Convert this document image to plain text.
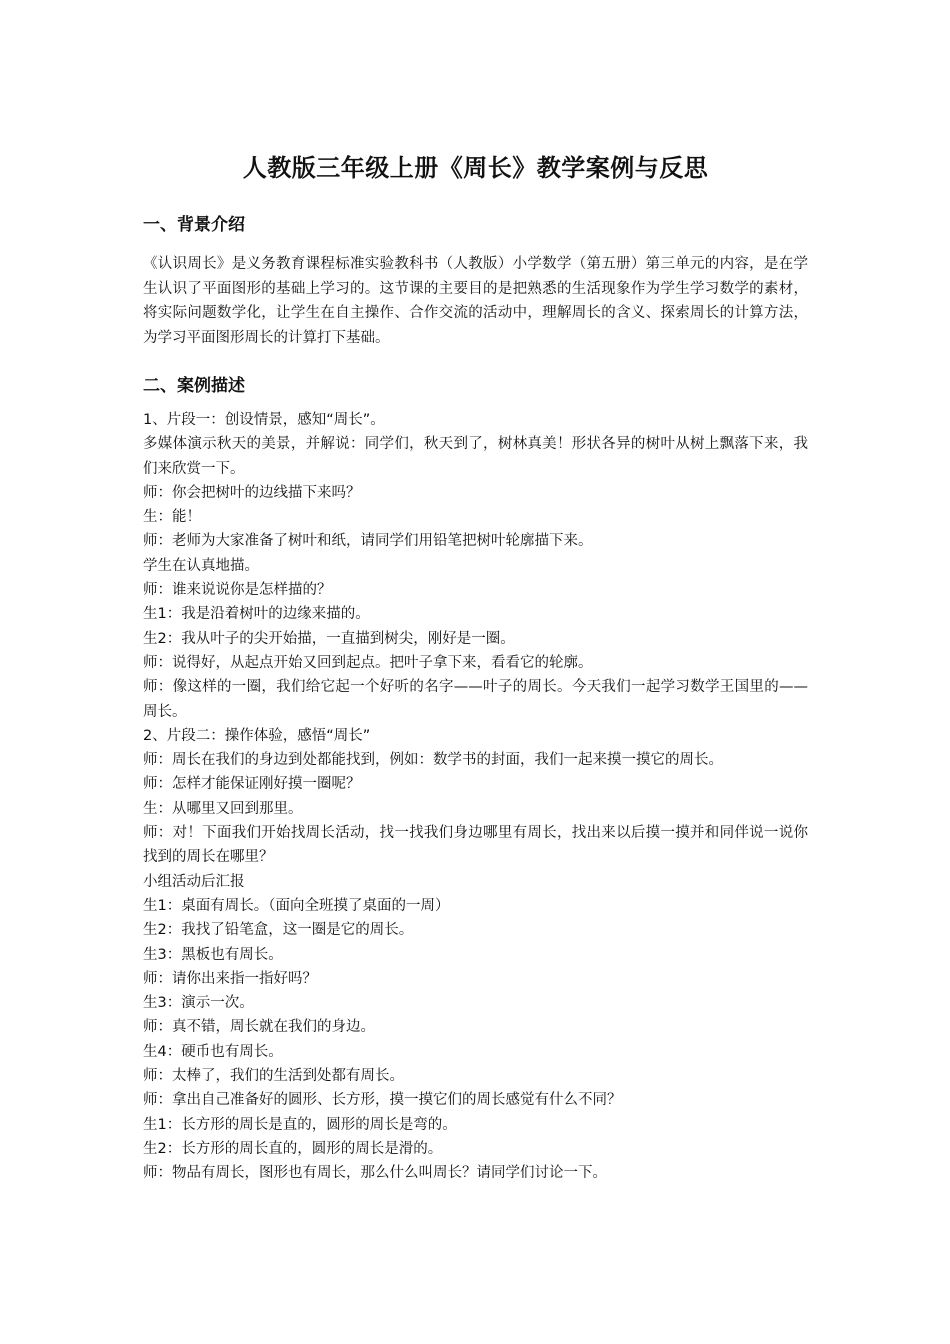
人教版三年级上册《周长》教学案例与反思
一、背景介绍

《认识周长》是义务教育课程标准实验教科书（人教版）小学数学（第五册）第三单元的内容，是在学生认识了平面图形的基础上学习的。这节课的主要目的是把熟悉的生活现象作为学生学习数学的素材，将实际问题数学化，让学生在自主操作、合作交流的活动中，理解周长的含义、探索周长的计算方法，为学习平面图形周长的计算打下基础。

二、案例描述

1、片段一：创设情景，感知“周长”。

多媒体演示秋天的美景，并解说：同学们，秋天到了，树林真美！形状各异的树叶从树上飘落下来，我们来欣赏一下。

师：你会把树叶的边线描下来吗？

生：能！

师：老师为大家准备了树叶和纸，请同学们用铅笔把树叶轮廓描下来。

学生在认真地描。

师：谁来说说你是怎样描的？

生1：我是沿着树叶的边缘来描的。

生2：我从叶子的尖开始描，一直描到树尖，刚好是一圈。

师：说得好，从起点开始又回到起点。把叶子拿下来，看看它的轮廓。

师：像这样的一圈，我们给它起一个好听的名字——叶子的周长。今天我们一起学习数学王国里的——周长。

2、片段二：操作体验，感悟“周长”

师：周长在我们的身边到处都能找到，例如：数学书的封面，我们一起来摸一摸它的周长。

师：怎样才能保证刚好摸一圈呢？

生：从哪里又回到那里。

师：对！下面我们开始找周长活动，找一找我们身边哪里有周长，找出来以后摸一摸并和同伴说一说你找到的周长在哪里？

小组活动后汇报

生1：桌面有周长。（面向全班摸了桌面的一周）

生2：我找了铅笔盒，这一圈是它的周长。

生3：黑板也有周长。

师：请你出来指一指好吗？

生3：演示一次。

师：真不错，周长就在我们的身边。

生4：硬币也有周长。

师：太棒了，我们的生活到处都有周长。

师：拿出自己准备好的圆形、长方形，摸一摸它们的周长感觉有什么不同？

生1：长方形的周长是直的，圆形的周长是弯的。

生2：长方形的周长直的，圆形的周长是滑的。

师：物品有周长，图形也有周长，那么什么叫周长？请同学们讨论一下。
